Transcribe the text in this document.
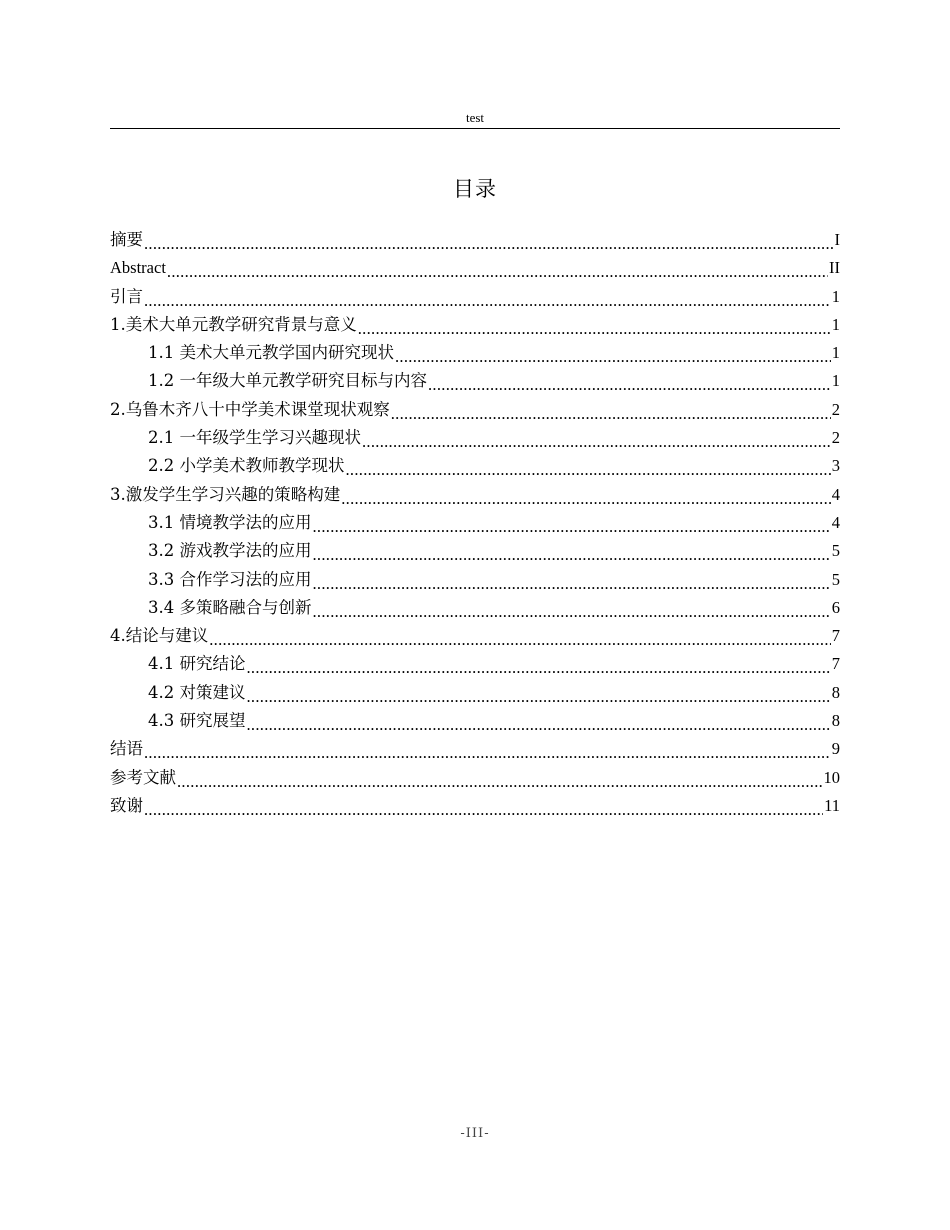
test
目录
摘要 .....	I
Abstract .....	II
引言 .....	1
1.美术大单元教学研究背景与意义 .....	1
1.1 美术大单元教学国内研究现状 .....	1
1.2 一年级大单元教学研究目标与内容 .....	1
2.乌鲁木齐八十中学美术课堂现状观察 .....	2
2.1 一年级学生学习兴趣现状 .....	2
2.2 小学美术教师教学现状 .....	3
3.激发学生学习兴趣的策略构建 .....	4
3.1 情境教学法的应用 .....	4
3.2 游戏教学法的应用 .....	5
3.3 合作学习法的应用 .....	5
3.4 多策略融合与创新 .....	6
4.结论与建议 .....	7
4.1 研究结论 .....	7
4.2 对策建议 .....	8
4.3 研究展望 .....	8
结语 .....	9
参考文献 .....	10
致谢 .....	11
-III-
